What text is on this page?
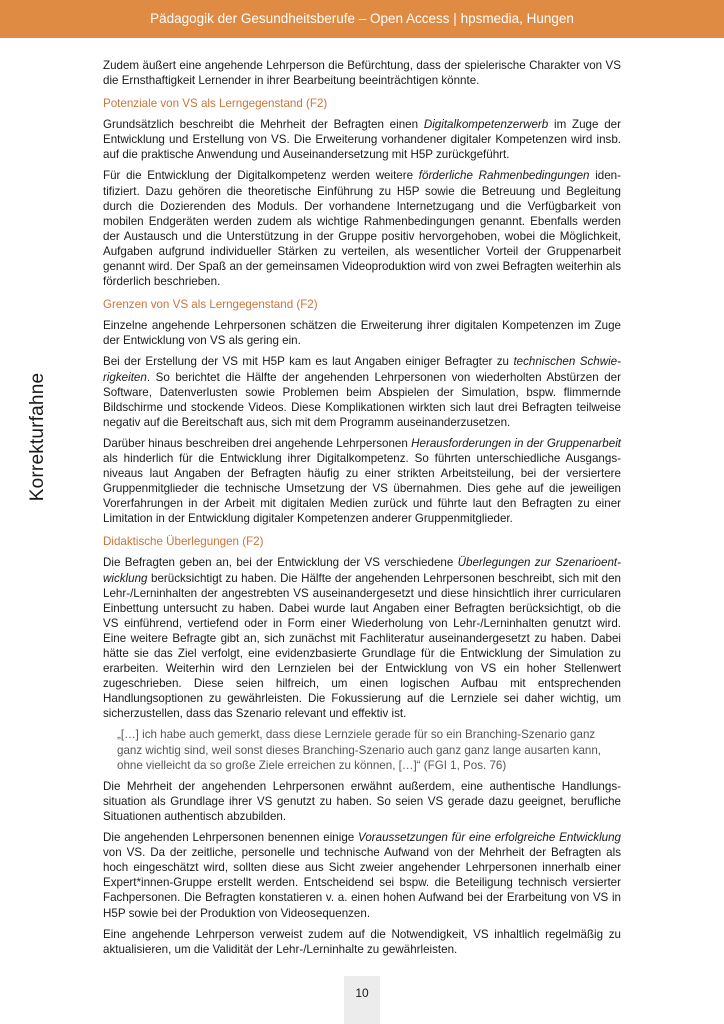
Pädagogik der Gesundheitsberufe – Open Access | hpsmedia, Hungen
Korrekturfahne

Zudem äußert eine angehende Lehrperson die Befürchtung, dass der spielerische Charakter von VS die Ernsthaftigkeit Lernender in ihrer Bearbeitung beeinträchtigen könnte.

Potenziale von VS als Lerngegenstand (F2)

Grundsätzlich beschreibt die Mehrheit der Befragten einen Digitalkompetenzerwerb im Zuge der Entwicklung und Erstellung von VS. Die Erweiterung vorhandener digitaler Kompetenzen wird insb. auf die praktische Anwendung und Auseinandersetzung mit H5P zurückgeführt.

Für die Entwicklung der Digitalkompetenz werden weitere förderliche Rahmenbedingungen identifiziert. Dazu gehören die theoretische Einführung zu H5P sowie die Betreuung und Begleitung durch die Dozierenden des Moduls. Der vorhandene Internetzugang und die Verfügbarkeit von mobilen Endgeräten werden zudem als wichtige Rahmenbedingungen genannt. Ebenfalls werden der Austausch und die Unterstützung in der Gruppe positiv hervorgehoben, wobei die Möglichkeit, Aufgaben aufgrund individueller Stärken zu verteilen, als wesentlicher Vorteil der Gruppenarbeit genannt wird. Der Spaß an der gemeinsamen Videoproduktion wird von zwei Befragten weiterhin als förderlich beschrieben.

Grenzen von VS als Lerngegenstand (F2)

Einzelne angehende Lehrpersonen schätzen die Erweiterung ihrer digitalen Kompetenzen im Zuge der Entwicklung von VS als gering ein.

Bei der Erstellung der VS mit H5P kam es laut Angaben einiger Befragter zu technischen Schwierigkeiten. So berichtet die Hälfte der angehenden Lehrpersonen von wiederholten Abstürzen der Software, Datenverlusten sowie Problemen beim Abspielen der Simulation, bspw. flimmernde Bildschirme und stockende Videos. Diese Komplikationen wirkten sich laut drei Befragten teilweise negativ auf die Bereitschaft aus, sich mit dem Programm auseinanderzusetzen.

Darüber hinaus beschreiben drei angehende Lehrpersonen Herausforderungen in der Gruppenarbeit als hinderlich für die Entwicklung ihrer Digitalkompetenz. So führten unterschiedliche Ausgangsniveaus laut Angaben der Befragten häufig zu einer strikten Arbeitsteilung, bei der versiertere Gruppenmitglieder die technische Umsetzung der VS übernahmen. Dies gehe auf die jeweiligen Vorerfahrungen in der Arbeit mit digitalen Medien zurück und führte laut den Befragten zu einer Limitation in der Entwicklung digitaler Kompetenzen anderer Gruppenmitglieder.

Didaktische Überlegungen (F2)

Die Befragten geben an, bei der Entwicklung der VS verschiedene Überlegungen zur Szenarioentwicklung berücksichtigt zu haben. Die Hälfte der angehenden Lehrpersonen beschreibt, sich mit den Lehr-/Lerninhalten der angestrebten VS auseinandergesetzt und diese hinsichtlich ihrer curricularen Einbettung untersucht zu haben. Dabei wurde laut Angaben einer Befragten berücksichtigt, ob die VS einführend, vertiefend oder in Form einer Wiederholung von Lehr-/Lerninhalten genutzt wird. Eine weitere Befragte gibt an, sich zunächst mit Fachliteratur auseinandergesetzt zu haben. Dabei hätte sie das Ziel verfolgt, eine evidenzbasierte Grundlage für die Entwicklung der Simulation zu erarbeiten. Weiterhin wird den Lernzielen bei der Entwicklung von VS ein hoher Stellenwert zugeschrieben. Diese seien hilfreich, um einen logischen Aufbau mit entsprechenden Handlungsoptionen zu gewährleisten. Die Fokussierung auf die Lernziele sei daher wichtig, um sicherzustellen, dass das Szenario relevant und effektiv ist.

„[…] ich habe auch gemerkt, dass diese Lernziele gerade für so ein Branching-Szenario ganz ganz wichtig sind, weil sonst dieses Branching-Szenario auch ganz ganz lange ausarten kann, ohne vielleicht da so große Ziele erreichen zu können, […]“ (FGI 1, Pos. 76)

Die Mehrheit der angehenden Lehrpersonen erwähnt außerdem, eine authentische Handlungssituation als Grundlage ihrer VS genutzt zu haben. So seien VS gerade dazu geeignet, berufliche Situationen authentisch abzubilden.

Die angehenden Lehrpersonen benennen einige Voraussetzungen für eine erfolgreiche Entwicklung von VS. Da der zeitliche, personelle und technische Aufwand von der Mehrheit der Befragten als hoch eingeschätzt wird, sollten diese aus Sicht zweier angehender Lehrpersonen innerhalb einer Expert*innen-Gruppe erstellt werden. Entscheidend sei bspw. die Beteiligung technisch versierter Fachpersonen. Die Befragten konstatieren v. a. einen hohen Aufwand bei der Erarbeitung von VS in H5P sowie bei der Produktion von Videosequenzen.

Eine angehende Lehrperson verweist zudem auf die Notwendigkeit, VS inhaltlich regelmäßig zu aktualisieren, um die Validität der Lehr-/Lerninhalte zu gewährleisten.

10
